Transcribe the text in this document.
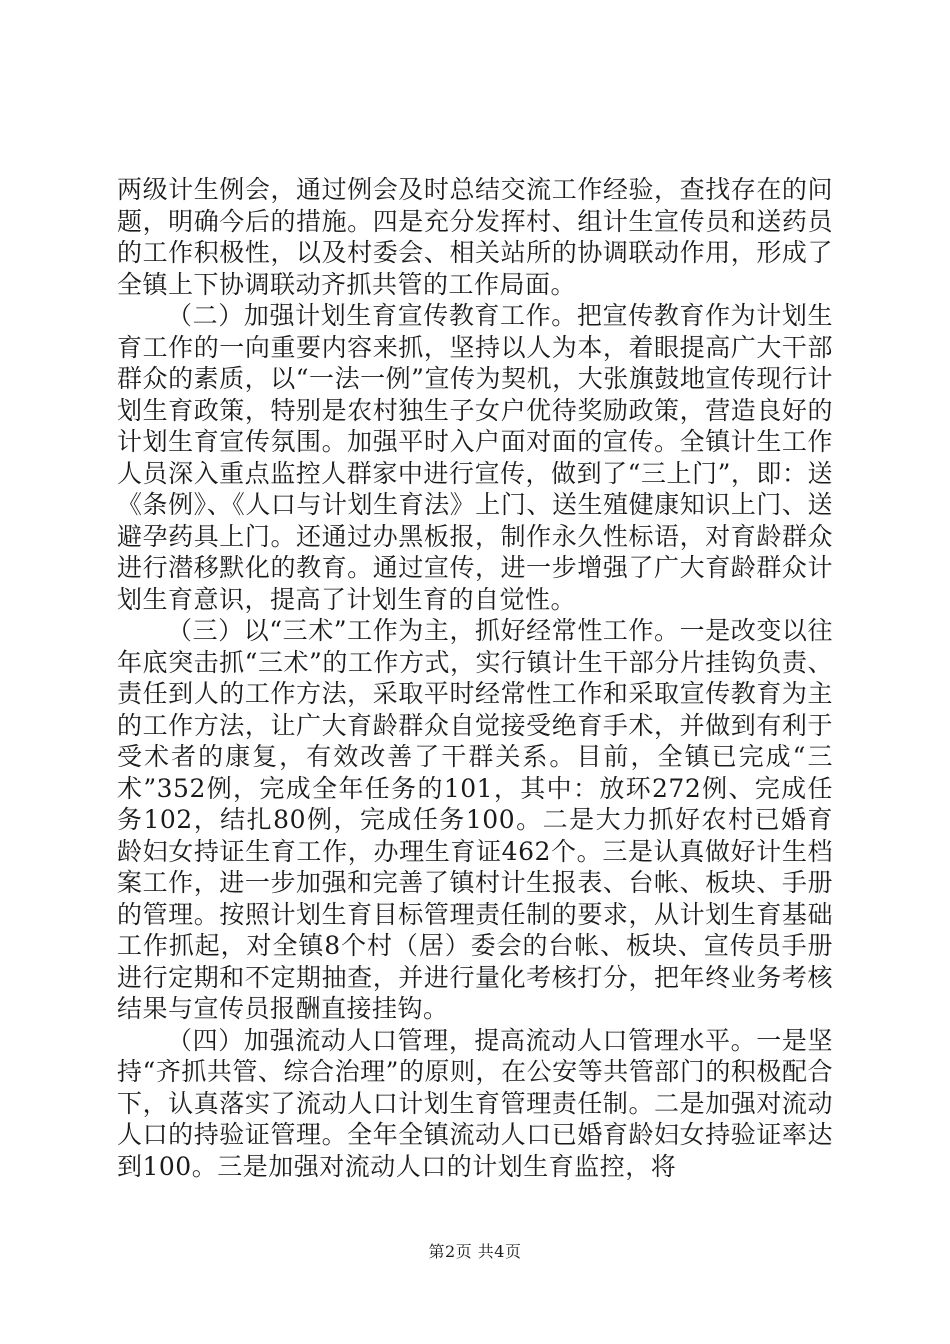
两级计生例会，通过例会及时总结交流工作经验，查找存在的问题，明确今后的措施。四是充分发挥村、组计生宣传员和送药员的工作积极性，以及村委会、相关站所的协调联动作用，形成了全镇上下协调联动齐抓共管的工作局面。

（二）加强计划生育宣传教育工作。把宣传教育作为计划生育工作的一向重要内容来抓，坚持以人为本，着眼提高广大干部群众的素质，以“一法一例”宣传为契机，大张旗鼓地宣传现行计划生育政策，特别是农村独生子女户优待奖励政策，营造良好的计划生育宣传氛围。加强平时入户面对面的宣传。全镇计生工作人员深入重点监控人群家中进行宣传，做到了“三上门”，即：送《条例》、《人口与计划生育法》上门、送生殖健康知识上门、送避孕药具上门。还通过办黑板报，制作永久性标语，对育龄群众进行潜移默化的教育。通过宣传，进一步增强了广大育龄群众计划生育意识，提高了计划生育的自觉性。

（三）以“三术”工作为主，抓好经常性工作。一是改变以往年底突击抓“三术”的工作方式，实行镇计生干部分片挂钩负责、责任到人的工作方法，采取平时经常性工作和采取宣传教育为主的工作方法，让广大育龄群众自觉接受绝育手术，并做到有利于受术者的康复，有效改善了干群关系。目前，全镇已完成“三术”352例，完成全年任务的101，其中：放环272例、完成任务102，结扎80例，完成任务100。二是大力抓好农村已婚育龄妇女持证生育工作，办理生育证462个。三是认真做好计生档案工作，进一步加强和完善了镇村计生报表、台帐、板块、手册的管理。按照计划生育目标管理责任制的要求，从计划生育基础工作抓起，对全镇8个村（居）委会的台帐、板块、宣传员手册进行定期和不定期抽查，并进行量化考核打分，把年终业务考核结果与宣传员报酬直接挂钩。

（四）加强流动人口管理，提高流动人口管理水平。一是坚持“齐抓共管、综合治理”的原则，在公安等共管部门的积极配合下，认真落实了流动人口计划生育管理责任制。二是加强对流动人口的持验证管理。全年全镇流动人口已婚育龄妇女持验证率达到100。三是加强对流动人口的计划生育监控，将

第2页 共4页
